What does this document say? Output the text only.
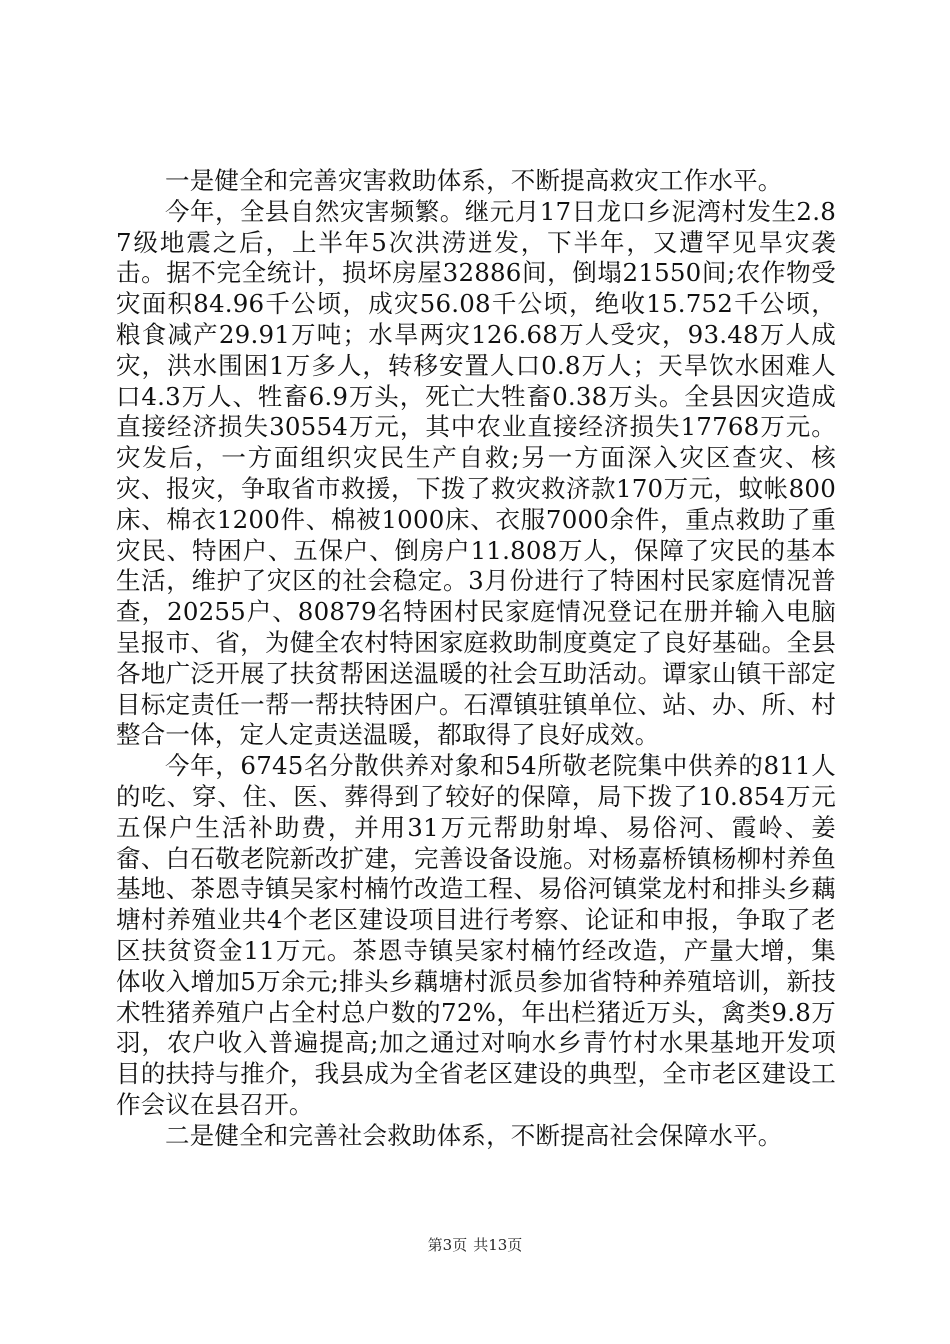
一是健全和完善灾害救助体系，不断提高救灾工作水平。

今年，全县自然灾害频繁。继元月17日龙口乡泥湾村发生2.87级地震之后，上半年5次洪涝迸发，下半年，又遭罕见旱灾袭击。据不完全统计，损坏房屋32886间，倒塌21550间;农作物受灾面积84.96千公顷，成灾56.08千公顷，绝收15.752千公顷，粮食减产29.91万吨；水旱两灾126.68万人受灾，93.48万人成灾，洪水围困1万多人，转移安置人口0.8万人；天旱饮水困难人口4.3万人、牲畜6.9万头，死亡大牲畜0.38万头。全县因灾造成直接经济损失30554万元，其中农业直接经济损失17768万元。灾发后，一方面组织灾民生产自救;另一方面深入灾区查灾、核灾、报灾，争取省市救援，下拨了救灾救济款170万元，蚊帐800床、棉衣1200件、棉被1000床、衣服7000余件，重点救助了重灾民、特困户、五保户、倒房户11.808万人，保障了灾民的基本生活，维护了灾区的社会稳定。3月份进行了特困村民家庭情况普查，20255户、80879名特困村民家庭情况登记在册并输入电脑呈报市、省，为健全农村特困家庭救助制度奠定了良好基础。全县各地广泛开展了扶贫帮困送温暖的社会互助活动。谭家山镇干部定目标定责任一帮一帮扶特困户。石潭镇驻镇单位、站、办、所、村整合一体，定人定责送温暖，都取得了良好成效。

今年，6745名分散供养对象和54所敬老院集中供养的811人的吃、穿、住、医、葬得到了较好的保障，局下拨了10.854万元五保户生活补助费，并用31万元帮助射埠、易俗河、霞岭、姜畲、白石敬老院新改扩建，完善设备设施。对杨嘉桥镇杨柳村养鱼基地、茶恩寺镇吴家村楠竹改造工程、易俗河镇棠龙村和排头乡藕塘村养殖业共4个老区建设项目进行考察、论证和申报，争取了老区扶贫资金11万元。茶恩寺镇吴家村楠竹经改造，产量大增，集体收入增加5万余元;排头乡藕塘村派员参加省特种养殖培训，新技术牲猪养殖户占全村总户数的72%，年出栏猪近万头，禽类9.8万羽，农户收入普遍提高;加之通过对响水乡青竹村水果基地开发项目的扶持与推介，我县成为全省老区建设的典型，全市老区建设工作会议在县召开。

二是健全和完善社会救助体系，不断提高社会保障水平。

第3页 共13页
